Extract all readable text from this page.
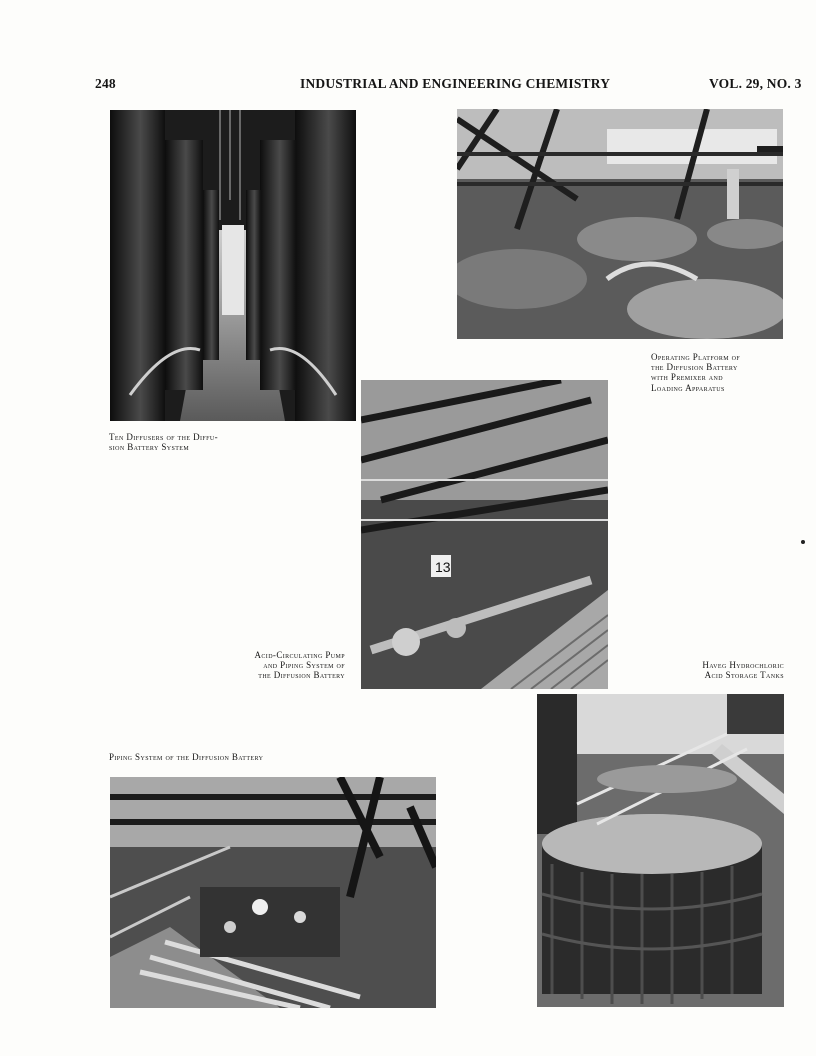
248	INDUSTRIAL AND ENGINEERING CHEMISTRY	VOL. 29, NO. 3
Ten Diffusers of the Diffu-
sion Battery System
Operating Platform of
the Diffusion Battery
with Premixer and
Loading Apparatus
13
Acid-Circulating Pump
and Piping System of
the Diffusion Battery
Haveg Hydrochloric
Acid Storage Tanks
Piping System of the Diffusion Battery
